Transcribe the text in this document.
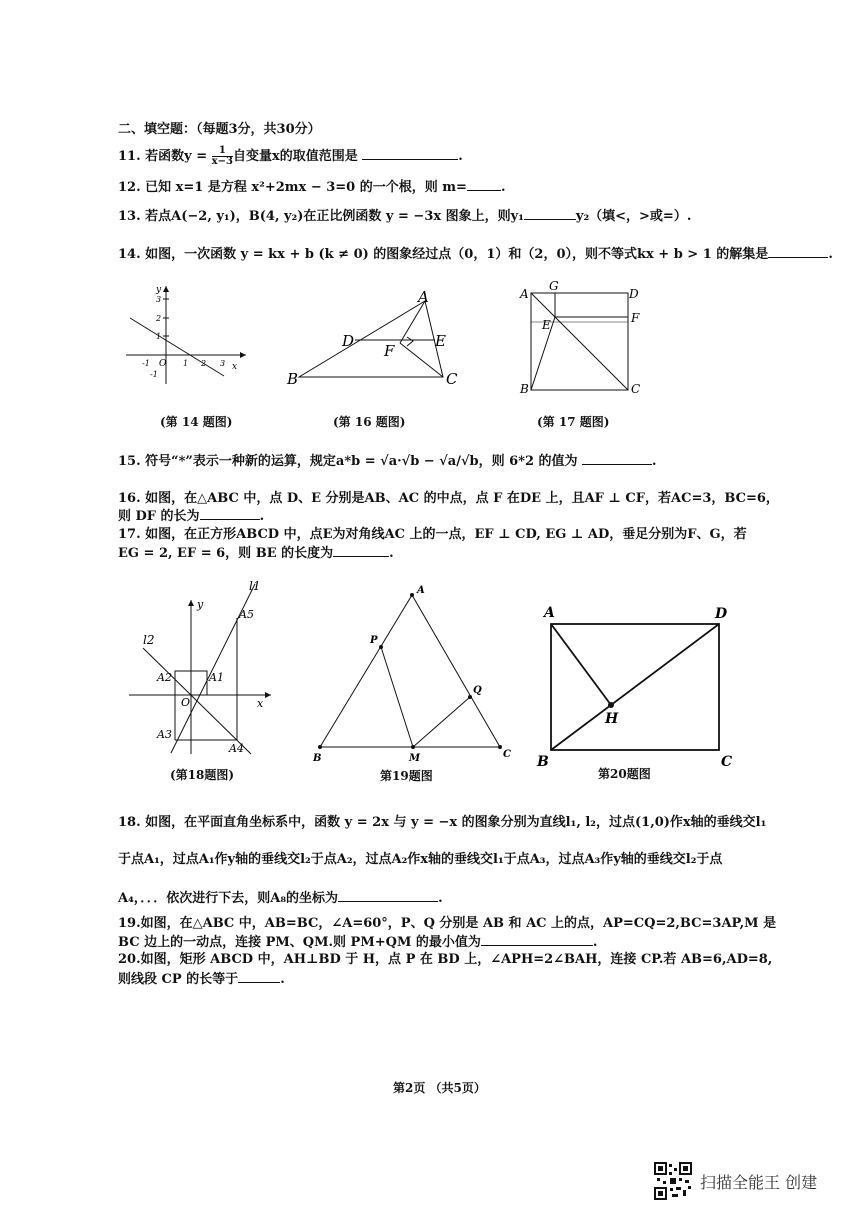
二、填空题：（每题3分，共30分）
11. 若函数$y = \frac{1}{x-3}$ 自变量x的取值范围是	.
12. 已知 x=1 是方程 x²+2mx − 3=0 的一个根，则 m=	.
13. 若点A(−2, y₁)，B(4, y₂)在正比例函数 y = −3x 图象上，则y₁	y₂（填<，>或=）.
14. 如图，一次函数 y = kx + b (k ≠ 0) 的图象经过点（0，1）和（2，0），则不等式kx + b > 1 的解集是	.
y
x
3
2
1
-1
O
-1	1 2 3
(第 14 题图)
A
B	C
D	E
F
(第 16 题图)
A
G
D
F
E
B	C
(第 17 题图)
15. 符号“*”表示一种新的运算，规定a*b = √a·√b − √a/√b，则 6*2 的值为	.
16. 如图，在△ABC 中，点 D、E 分别是AB、AC 的中点，点 F 在DE 上，且AF ⊥ CF，若AC=3，BC=6，
则 DF 的长为	.
17. 如图，在正方形ABCD 中，点E为对角线AC 上的一点，EF ⊥ CD, EG ⊥ AD，垂足分别为F、G，若
EG = 2, EF = 6，则 BE 的长度为	.
l1
l2
y
x
O
A5
A1
A2
A3
A4
(第18题图)
A
P
Q
B	M	C
第19题图
A	D
H
B	C
第20题图
18. 如图，在平面直角坐标系中，函数 y = 2x 与 y = −x 的图象分别为直线l₁, l₂，过点(1,0)作x轴的垂线交l₁
于点A₁，过点A₁作y轴的垂线交l₂于点A₂，过点A₂作x轴的垂线交l₁于点A₃，过点A₃作y轴的垂线交l₂于点
A₄，．．．依次进行下去，则A₈的坐标为	.
19.如图，在△ABC 中，AB=BC，∠A=60°，P、Q 分别是 AB 和 AC 上的点，AP=CQ=2,BC=3AP,M 是
BC 边上的一动点，连接 PM、QM.则 PM+QM 的最小值为	.
20.如图，矩形 ABCD 中，AH⊥BD 于 H，点 P 在 BD 上，∠APH=2∠BAH，连接 CP.若 AB=6,AD=8,
则线段 CP 的长等于	.
第2页 （共5页）
扫描全能王 创建
